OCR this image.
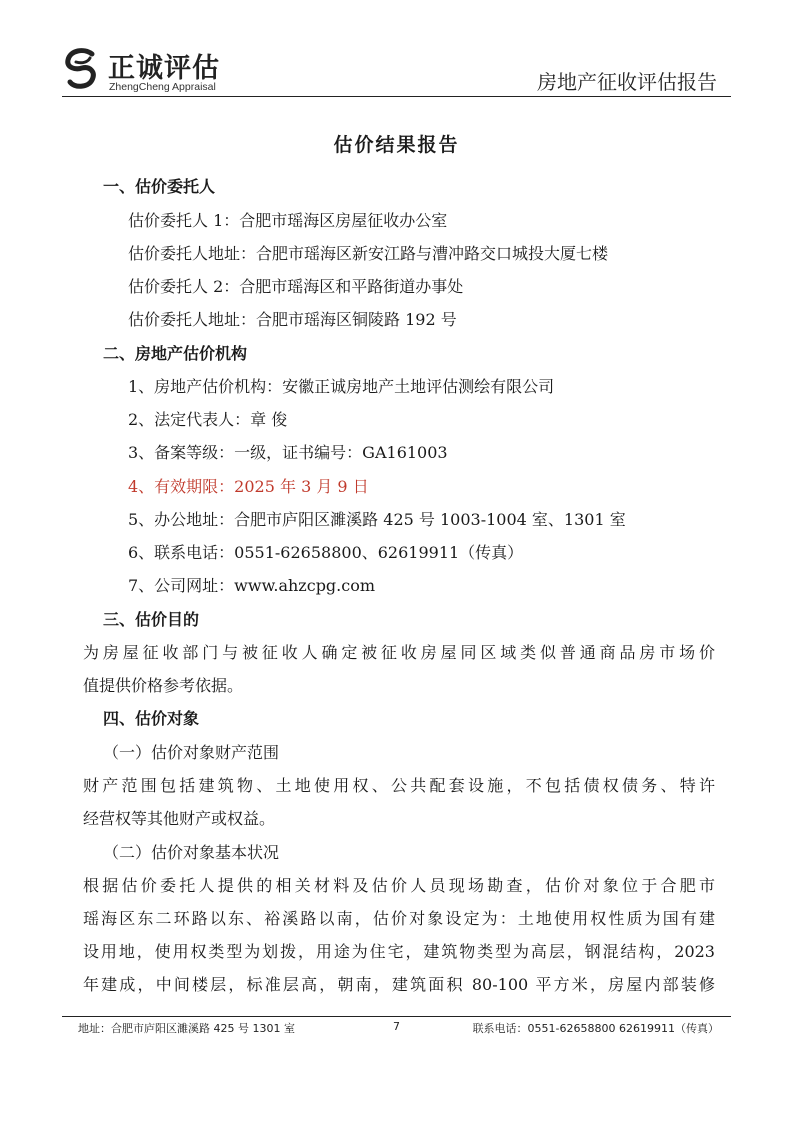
正诚评估
ZhengCheng Appraisal	房地产征收评估报告
估价结果报告
一、估价委托人
估价委托人 1：合肥市瑶海区房屋征收办公室
估价委托人地址：合肥市瑶海区新安江路与漕冲路交口城投大厦七楼
估价委托人 2：合肥市瑶海区和平路街道办事处
估价委托人地址：合肥市瑶海区铜陵路 192 号
二、房地产估价机构
1、房地产估价机构：安徽正诚房地产土地评估测绘有限公司
2、法定代表人：章 俊
3、备案等级：一级，证书编号：GA161003
4、有效期限：2025 年 3 月 9 日
5、办公地址：合肥市庐阳区濉溪路 425 号 1003-1004 室、1301 室
6、联系电话：0551-62658800、62619911（传真）
7、公司网址：www.ahzcpg.com
三、估价目的
为房屋征收部门与被征收人确定被征收房屋同区域类似普通商品房市场价
值提供价格参考依据。
四、估价对象
（一）估价对象财产范围
财产范围包括建筑物、土地使用权、公共配套设施，不包括债权债务、特许
经营权等其他财产或权益。
（二）估价对象基本状况
根据估价委托人提供的相关材料及估价人员现场勘查，估价对象位于合肥市
瑶海区东二环路以东、裕溪路以南，估价对象设定为：土地使用权性质为国有建
设用地，使用权类型为划拨，用途为住宅，建筑物类型为高层，钢混结构，2023
年建成，中间楼层，标准层高，朝南，建筑面积 80-100 平方米，房屋内部装修
地址：合肥市庐阳区濉溪路 425 号 1301 室	7	联系电话：0551-62658800 62619911（传真）
